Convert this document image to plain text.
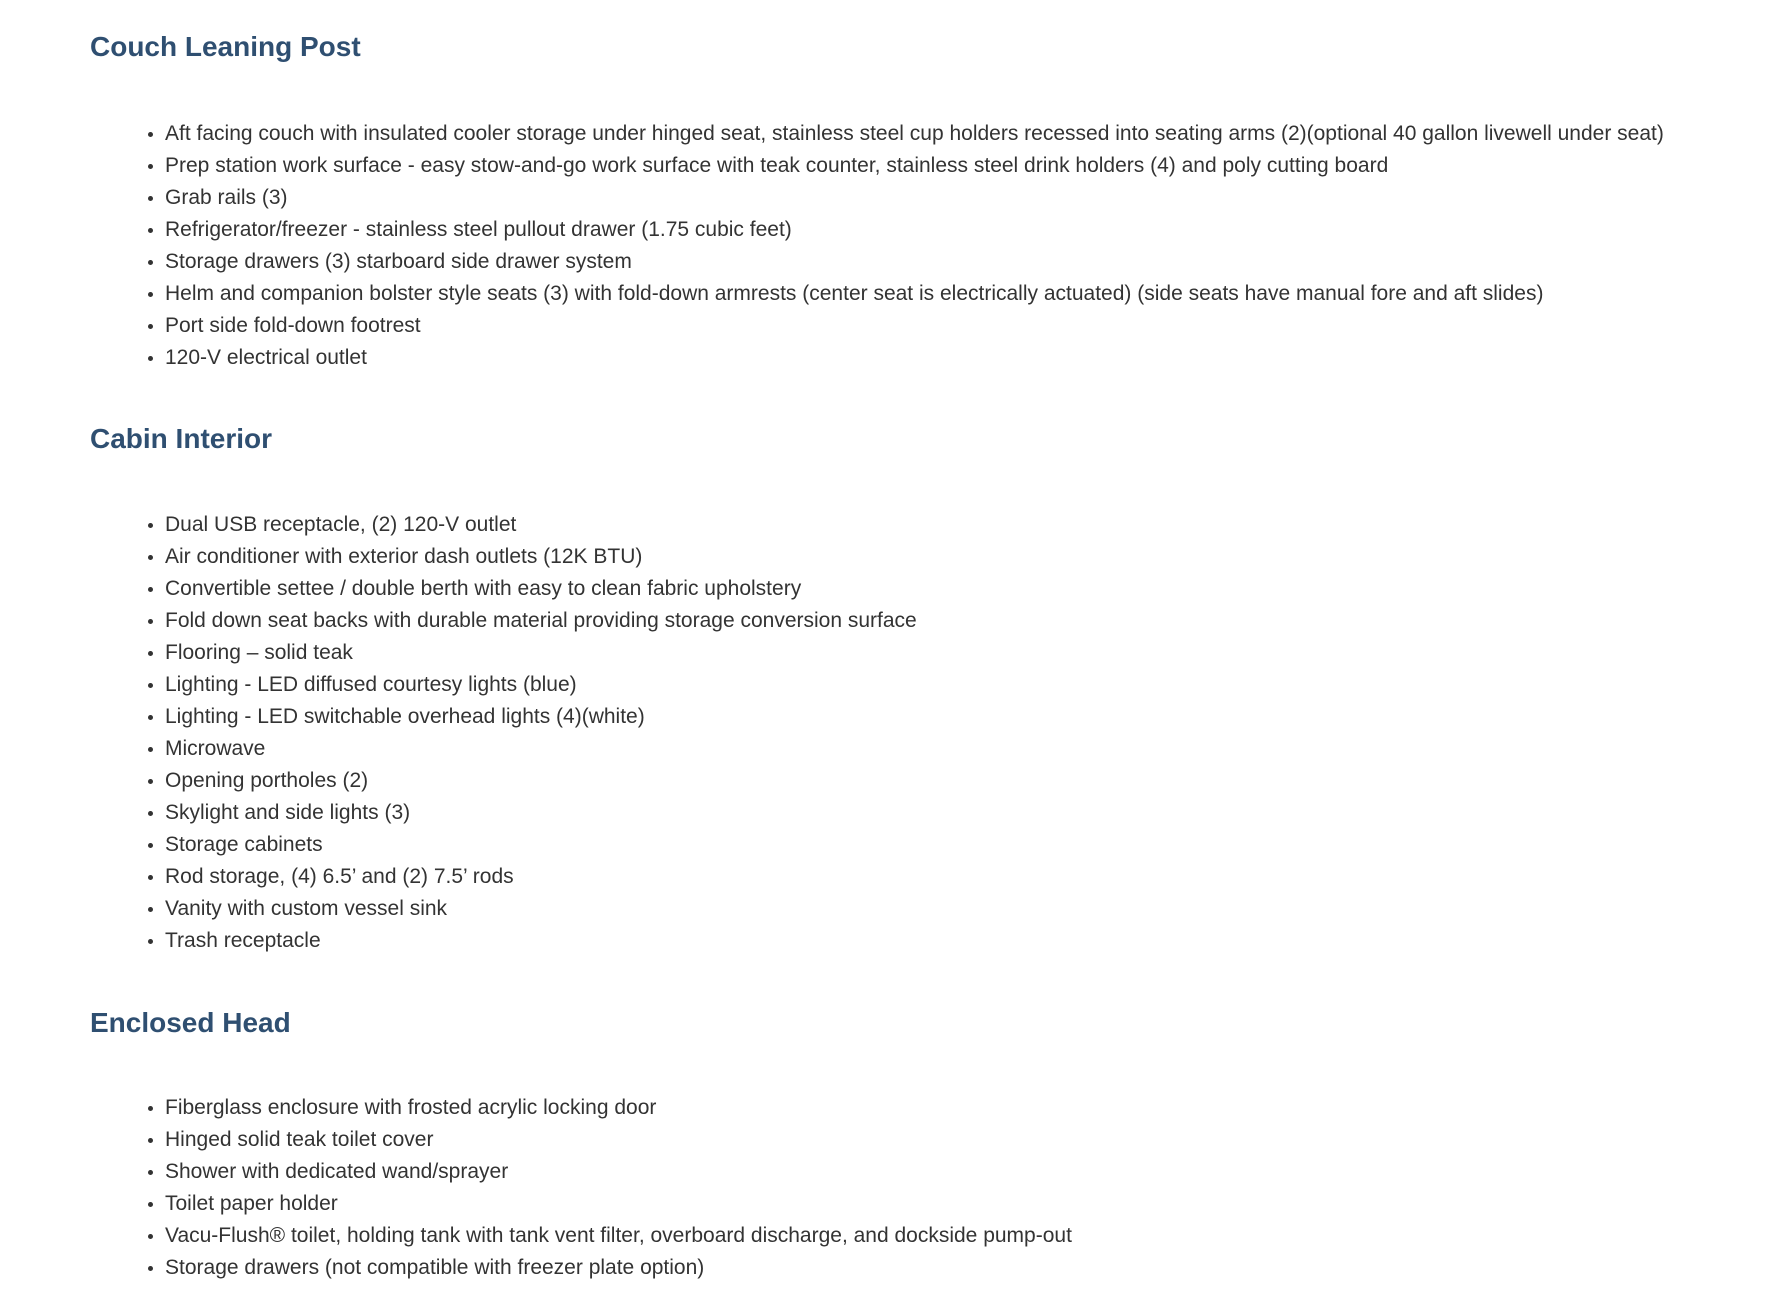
Couch Leaning Post
• Aft facing couch with insulated cooler storage under hinged seat, stainless steel cup holders recessed into seating arms (2)(optional 40 gallon livewell under seat)
• Prep station work surface - easy stow-and-go work surface with teak counter, stainless steel drink holders (4) and poly cutting board
• Grab rails (3)
• Refrigerator/freezer - stainless steel pullout drawer (1.75 cubic feet)
• Storage drawers (3) starboard side drawer system
• Helm and companion bolster style seats (3) with fold-down armrests (center seat is electrically actuated) (side seats have manual fore and aft slides)
• Port side fold-down footrest
• 120-V electrical outlet
Cabin Interior
• Dual USB receptacle, (2) 120-V outlet
• Air conditioner with exterior dash outlets (12K BTU)
• Convertible settee / double berth with easy to clean fabric upholstery
• Fold down seat backs with durable material providing storage conversion surface
• Flooring – solid teak
• Lighting - LED diffused courtesy lights (blue)
• Lighting - LED switchable overhead lights (4)(white)
• Microwave
• Opening portholes (2)
• Skylight and side lights (3)
• Storage cabinets
• Rod storage, (4) 6.5’ and (2) 7.5’ rods
• Vanity with custom vessel sink
• Trash receptacle
Enclosed Head
• Fiberglass enclosure with frosted acrylic locking door
• Hinged solid teak toilet cover
• Shower with dedicated wand/sprayer
• Toilet paper holder
• Vacu-Flush® toilet, holding tank with tank vent filter, overboard discharge, and dockside pump-out
• Storage drawers (not compatible with freezer plate option)
